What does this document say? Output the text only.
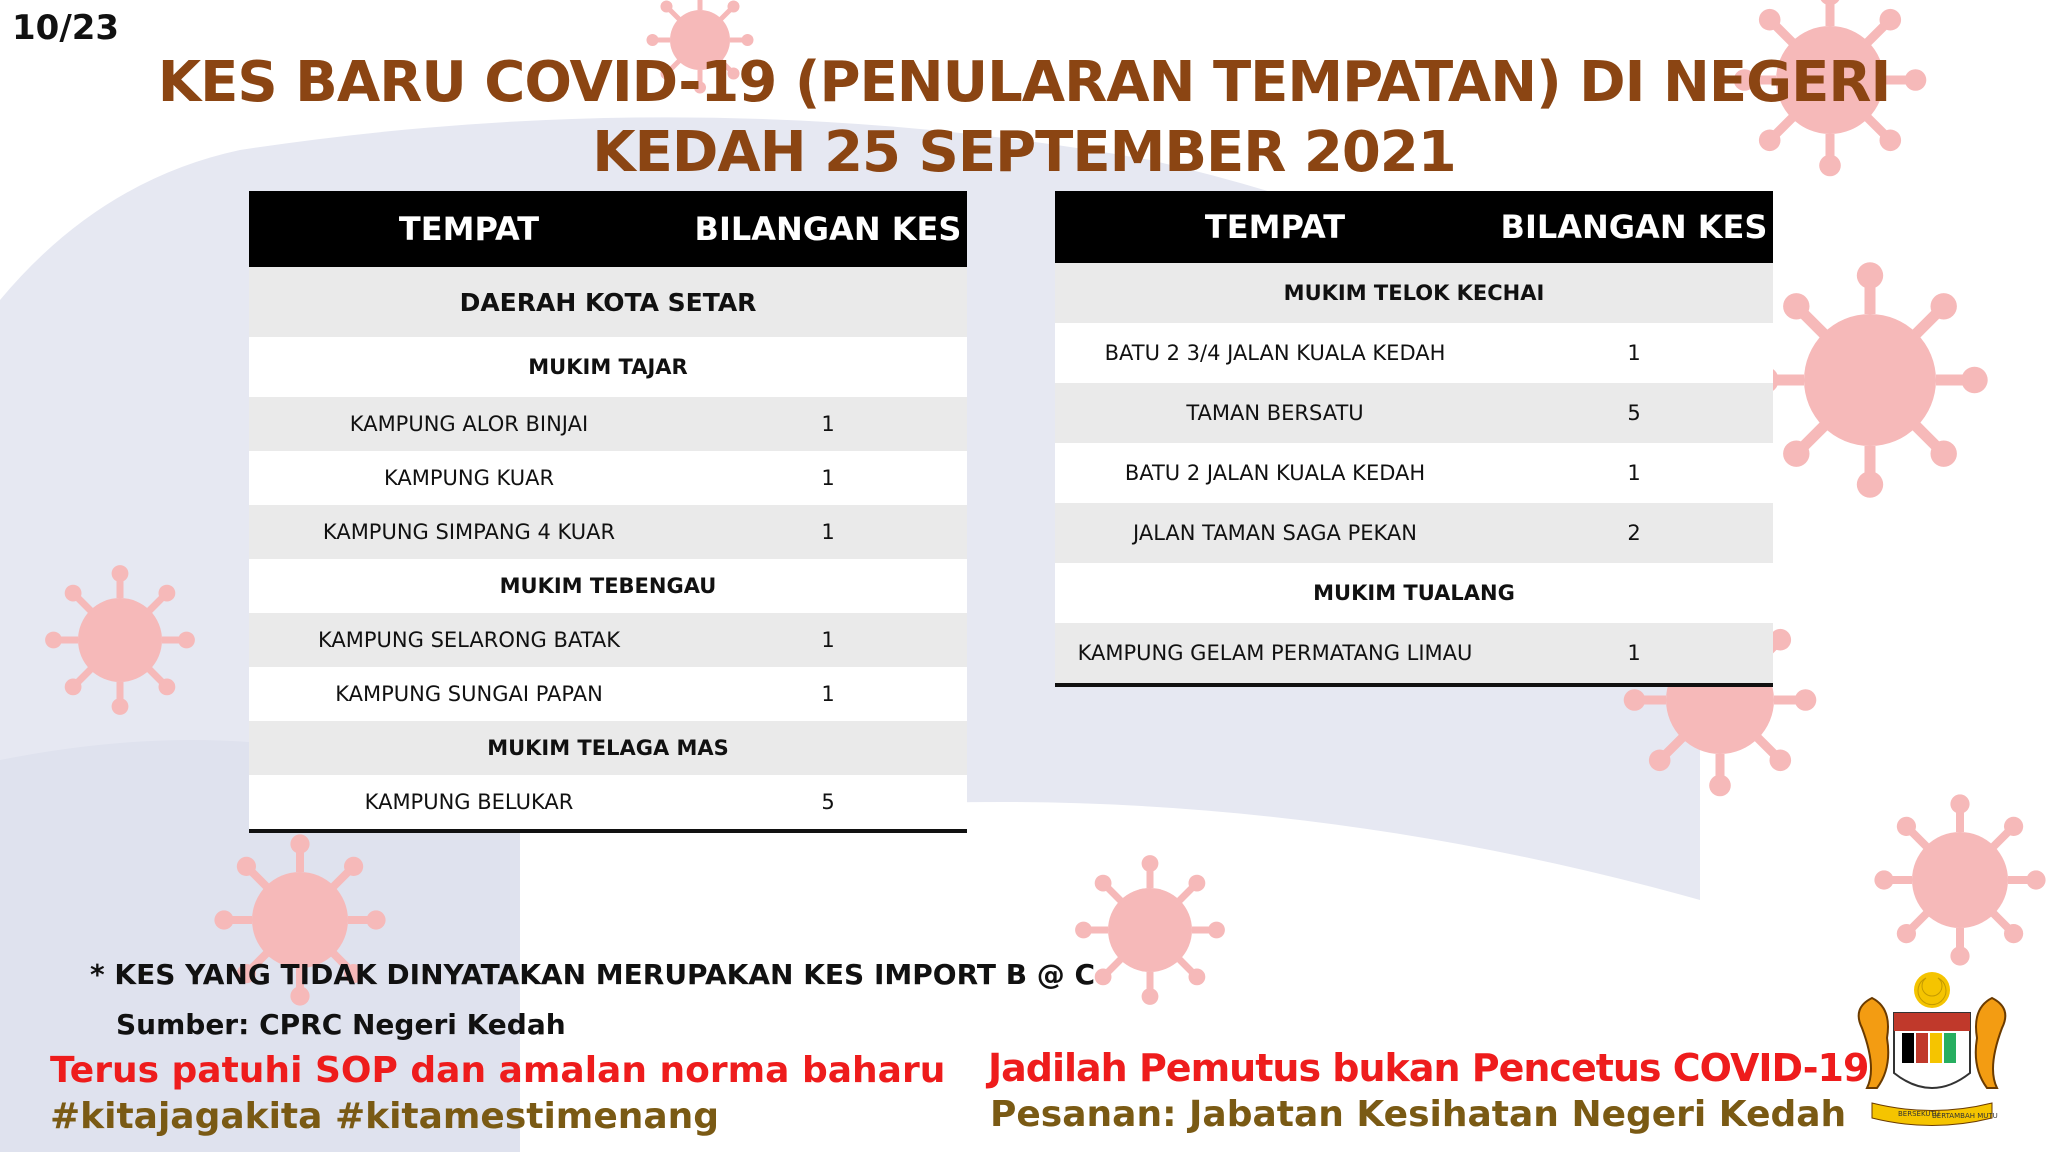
10/23
KES BARU COVID-19 (PENULARAN TEMPATAN) DI NEGERI
KEDAH 25 SEPTEMBER 2021
TEMPAT	BILANGAN KES
DAERAH KOTA SETAR	
MUKIM TAJAR	
KAMPUNG ALOR BINJAI	1
KAMPUNG KUAR	1
KAMPUNG SIMPANG 4 KUAR	1
MUKIM TEBENGAU	
KAMPUNG SELARONG BATAK	1
KAMPUNG SUNGAI PAPAN	1
MUKIM TELAGA MAS	
KAMPUNG BELUKAR	5
TEMPAT	BILANGAN KES
MUKIM TELOK KECHAI	
BATU 2 3/4 JALAN KUALA KEDAH	1
TAMAN BERSATU	5
BATU 2 JALAN KUALA KEDAH	1
JALAN TAMAN SAGA PEKAN	2
MUKIM TUALANG	
KAMPUNG GELAM PERMATANG LIMAU	1
* KES YANG TIDAK DINYATAKAN MERUPAKAN KES IMPORT B @ C
Sumber: CPRC Negeri Kedah
Terus patuhi SOP dan amalan norma baharu
#kitajagakita #kitamestimenang
Jadilah Pemutus bukan Pencetus COVID-19
Pesanan: Jabatan Kesihatan Negeri Kedah	BERSEKUTU
BERTAMBAH MUTU
